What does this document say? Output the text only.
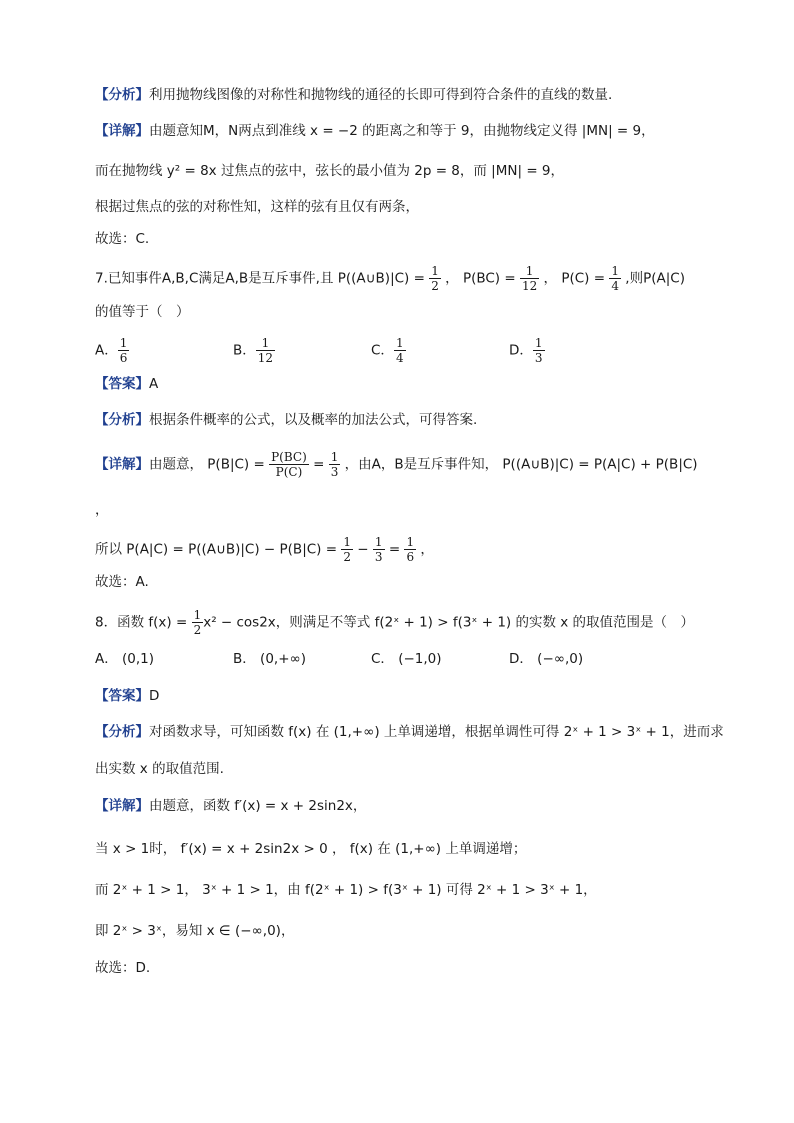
【分析】利用抛物线图像的对称性和抛物线的通径的长即可得到符合条件的直线的数量.
【详解】由题意知M，N两点到准线 x = −2 的距离之和等于 9，由抛物线定义得 |MN| = 9，
而在抛物线 y² = 8x 过焦点的弦中，弦长的最小值为 2p = 8，而 |MN| = 9，
根据过焦点的弦的对称性知，这样的弦有且仅有两条，
故选：C.
7.已知事件A,B,C满足A,B是互斥事件,且 P((A∪B)|C) = $\frac{1}{2}$ ， $P(BC) = \frac{1}{12}$ ， $P(C) = \frac{1}{4}$ ,则P(A|C)
的值等于（　）
A． $\frac{1}{6}$	B． $\frac{1}{12}$	C． $\frac{1}{4}$	D． $\frac{1}{3}$
【答案】A
【分析】根据条件概率的公式，以及概率的加法公式，可得答案.
【详解】由题意， $P(B|C) = \frac{P(BC)}{P(C)} = \frac{1}{3}$ ，由A，B是互斥事件知， P((A∪B)|C) = P(A|C) + P(B|C)
，
所以 P(A|C) = P((A∪B)|C) − $P(B|C) = \frac{1}{2} - \frac{1}{3} = \frac{1}{6}$ ，
故选：A.
8．函数 $f(x) = \frac{1}{2} x^2 - \cos 2x$，则满足不等式 f(2ˣ + 1) > f(3ˣ + 1) 的实数 x 的取值范围是（　）
A． (0,1)	B． (0,+∞)	C． (−1,0)	D． (−∞,0)
【答案】D
【分析】对函数求导，可知函数 f(x) 在 (1,+∞) 上单调递增，根据单调性可得 2ˣ + 1 > 3ˣ + 1，进而求
出实数 x 的取值范围.
【详解】由题意，函数 f′(x) = x + 2sin2x，
当 x > 1时， f′(x) = x + 2sin2x > 0 ， f(x) 在 (1,+∞) 上单调递增；
而 2ˣ + 1 > 1， 3ˣ + 1 > 1，由 f(2ˣ + 1) > f(3ˣ + 1) 可得 2ˣ + 1 > 3ˣ + 1，
即 2ˣ > 3ˣ，易知 x ∈ (−∞,0)，
故选：D.
